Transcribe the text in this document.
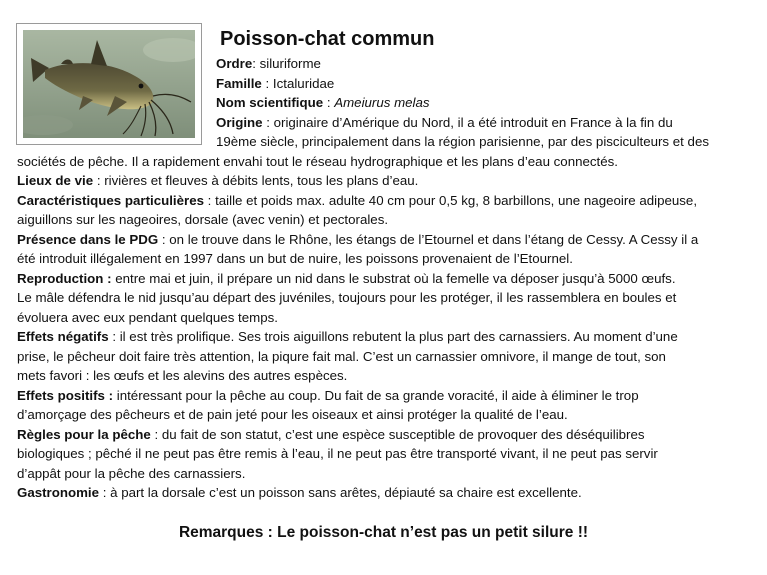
Poisson-chat commun
Ordre: siluriforme
Famille : Ictaluridae
Nom scientifique : Ameiurus melas
Origine : originaire d’Amérique du Nord, il a été introduit en France à la fin du
19ème siècle, principalement dans la région parisienne, par des pisciculteurs et des
sociétés de pêche. Il a rapidement envahi tout le réseau hydrographique et les plans d’eau connectés.
Lieux de vie : rivières et fleuves à débits lents, tous les plans d’eau.
Caractéristiques particulières : taille et poids max. adulte 40 cm pour 0,5 kg, 8 barbillons, une nageoire adipeuse,
aiguillons sur les nageoires, dorsale (avec venin) et pectorales.
Présence dans le PDG : on le trouve dans le Rhône, les étangs de l’Etournel et dans l’étang de Cessy. A Cessy il a
été introduit illégalement en 1997 dans un but de nuire, les poissons provenaient de l’Etournel.
Reproduction : entre mai et juin, il prépare un nid dans le substrat où la femelle va déposer jusqu’à 5000 œufs.
Le mâle défendra le nid jusqu’au départ des juvéniles, toujours pour les protéger, il les rassemblera en boules et
évoluera avec eux pendant quelques temps.
Effets négatifs : il est très prolifique. Ses trois aiguillons rebutent la plus part des carnassiers. Au moment d’une
prise, le pêcheur doit faire très attention, la piqure fait mal. C’est un carnassier omnivore, il mange de tout, son
mets favori : les œufs et les alevins des autres espèces.
Effets positifs : intéressant pour la pêche au coup. Du fait de sa grande voracité, il aide à éliminer le trop
d’amorçage des pêcheurs et de pain jeté pour les oiseaux et ainsi protéger la qualité de l’eau.
Règles pour la pêche : du fait de son statut, c’est une espèce susceptible de provoquer des déséquilibres
biologiques ; pêché il ne peut pas être remis à l’eau, il ne peut pas être transporté vivant, il ne peut pas servir
d’appât pour la pêche des carnassiers.
Gastronomie : à part la dorsale c’est un poisson sans arêtes, dépiauté sa chaire est excellente.
Remarques : Le poisson-chat n’est pas un petit silure !!
